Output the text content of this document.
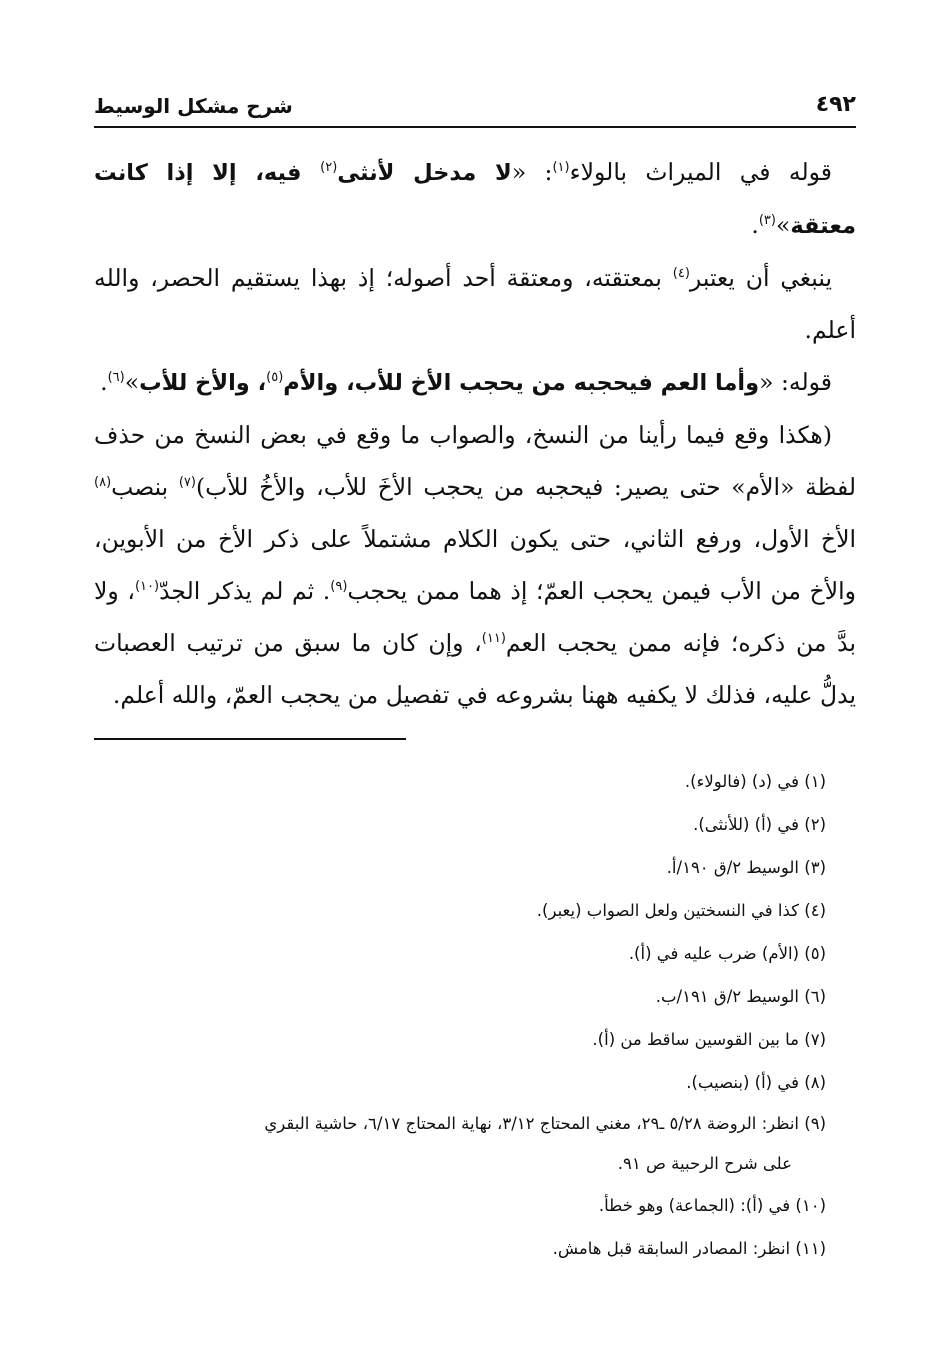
٤٩٢
شرح مشكل الوسيط

قوله في الميراث بالولاء$^{(١)}$: «لا مدخل لأنثى$^{(٢)}$ فيه، إلا إذا كانت معتقة»$^{(٣)}$.

ينبغي أن يعتبر$^{(٤)}$ بمعتقته، ومعتقة أحد أصوله؛ إذ بهذا يستقيم الحصر، والله أعلم.

قوله: «وأما العم فيحجبه من يحجب الأخ للأب، والأم$^{(٥)}$، والأخ للأب»$^{(٦)}$.

(هكذا وقع فيما رأينا من النسخ، والصواب ما وقع في بعض النسخ من حذف لفظة «الأم» حتى يصير: فيحجبه من يحجب الأخَ للأب، والأخُ للأب)$^{(٧)}$ بنصب$^{(٨)}$ الأخ الأول، ورفع الثاني، حتى يكون الكلام مشتملاً على ذكر الأخ من الأبوين، والأخ من الأب فيمن يحجب العمّ؛ إذ هما ممن يحجب$^{(٩)}$. ثم لم يذكر الجدّ$^{(١٠)}$، ولا بدَّ من ذكره؛ فإنه ممن يحجب العم$^{(١١)}$، وإن كان ما سبق من ترتيب العصبات يدلُّ عليه، فذلك لا يكفيه ههنا بشروعه في تفصيل من يحجب العمّ، والله أعلم.

(١) في (د) (فالولاء).

(٢) في (أ) (للأنثى).

(٣) الوسيط ٢/ق ١٩٠/أ.

(٤) كذا في النسختين ولعل الصواب (يعبر).

(٥) (الأم) ضرب عليه في (أ).

(٦) الوسيط ٢/ق ١٩١/ب.

(٧) ما بين القوسين ساقط من (أ).

(٨) في (أ) (بنصيب).

(٩) انظر: الروضة ٥/٢٨ ـ٢٩، مغني المحتاج ٣/١٢، نهاية المحتاج ٦/١٧، حاشية البقري
على شرح الرحبية ص ٩١.

(١٠) في (أ): (الجماعة) وهو خطأ.

(١١) انظر: المصادر السابقة قبل هامش.
